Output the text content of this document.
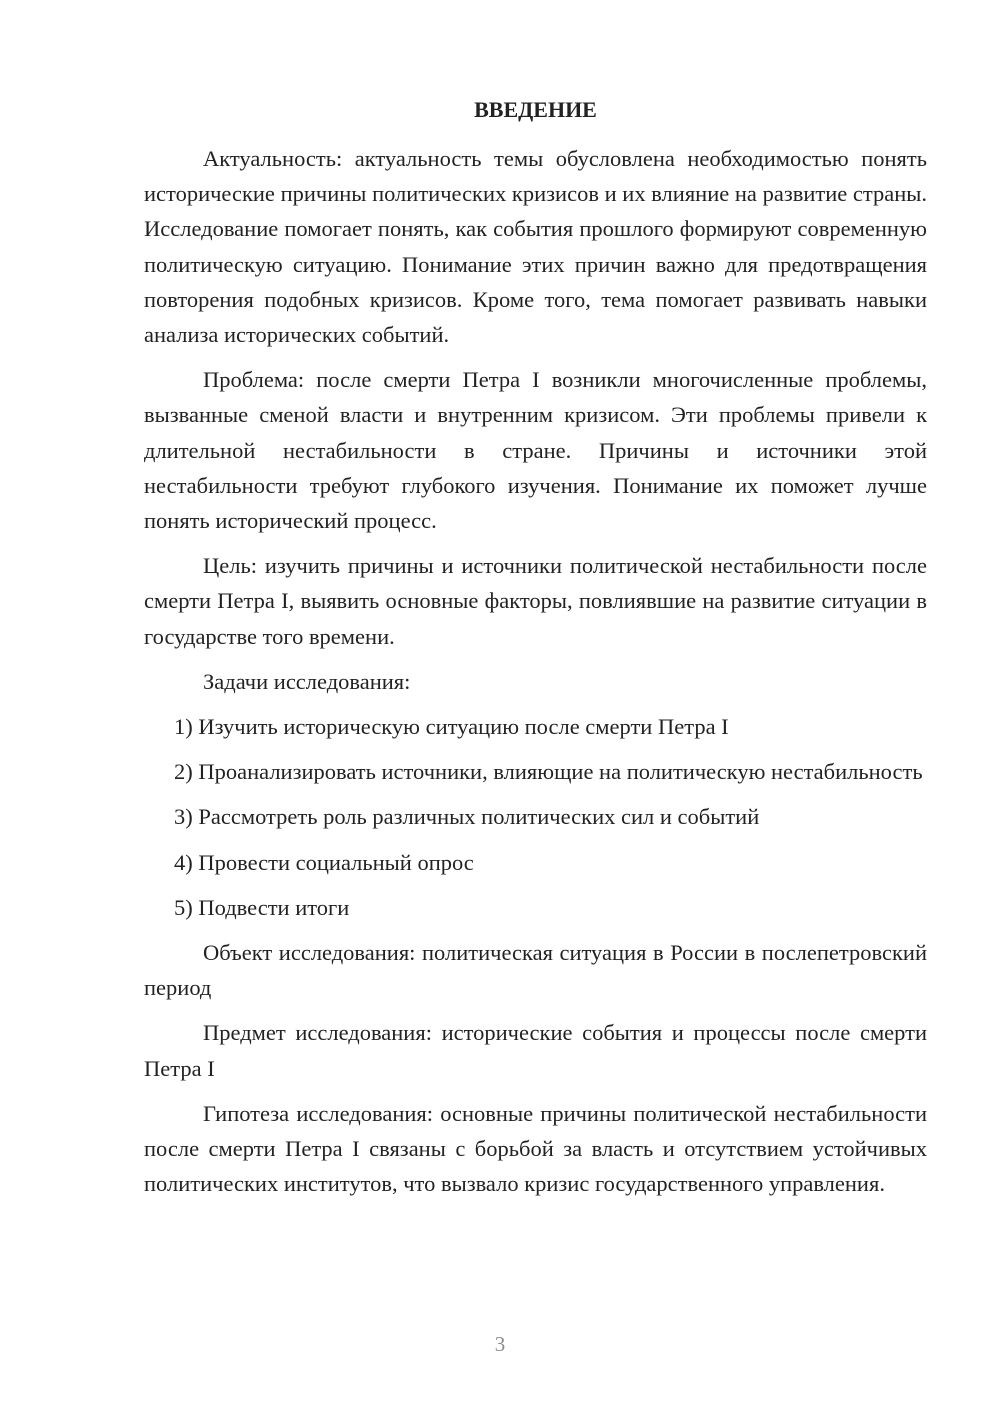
ВВЕДЕНИЕ

Актуальность: актуальность темы обусловлена необходимостью понять исторические причины политических кризисов и их влияние на развитие страны. Исследование помогает понять, как события прошлого формируют современную политическую ситуацию. Понимание этих причин важно для предотвращения повторения подобных кризисов. Кроме того, тема помогает развивать навыки анализа исторических событий.

Проблема: после смерти Петра I возникли многочисленные проблемы, вызванные сменой власти и внутренним кризисом. Эти проблемы привели к длительной нестабильности в стране. Причины и источники этой нестабильности требуют глубокого изучения. Понимание их поможет лучше понять исторический процесс.

Цель: изучить причины и источники политической нестабильности после смерти Петра I, выявить основные факторы, повлиявшие на развитие ситуации в государстве того времени.

Задачи исследования:

1) Изучить историческую ситуацию после смерти Петра I

2) Проанализировать источники, влияющие на политическую нестабильность

3) Рассмотреть роль различных политических сил и событий

4) Провести социальный опрос

5) Подвести итоги

Объект исследования: политическая ситуация в России в послепетровский период

Предмет исследования: исторические события и процессы после смерти Петра I

Гипотеза исследования: основные причины политической нестабильности после смерти Петра I связаны с борьбой за власть и отсутствием устойчивых политических институтов, что вызвало кризис государственного управления.

3
